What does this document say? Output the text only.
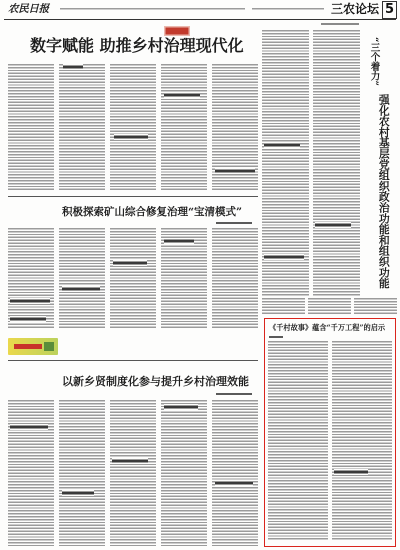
农民日报	三农论坛 5
数字赋能 助推乡村治理现代化	“三个着力”
强化农村基层党组织政治功能和组织功能
积极探索矿山综合修复治理“宝清模式”
以新乡贤制度化参与提升乡村治理效能
《千村故事》蕴含“千万工程”的启示
